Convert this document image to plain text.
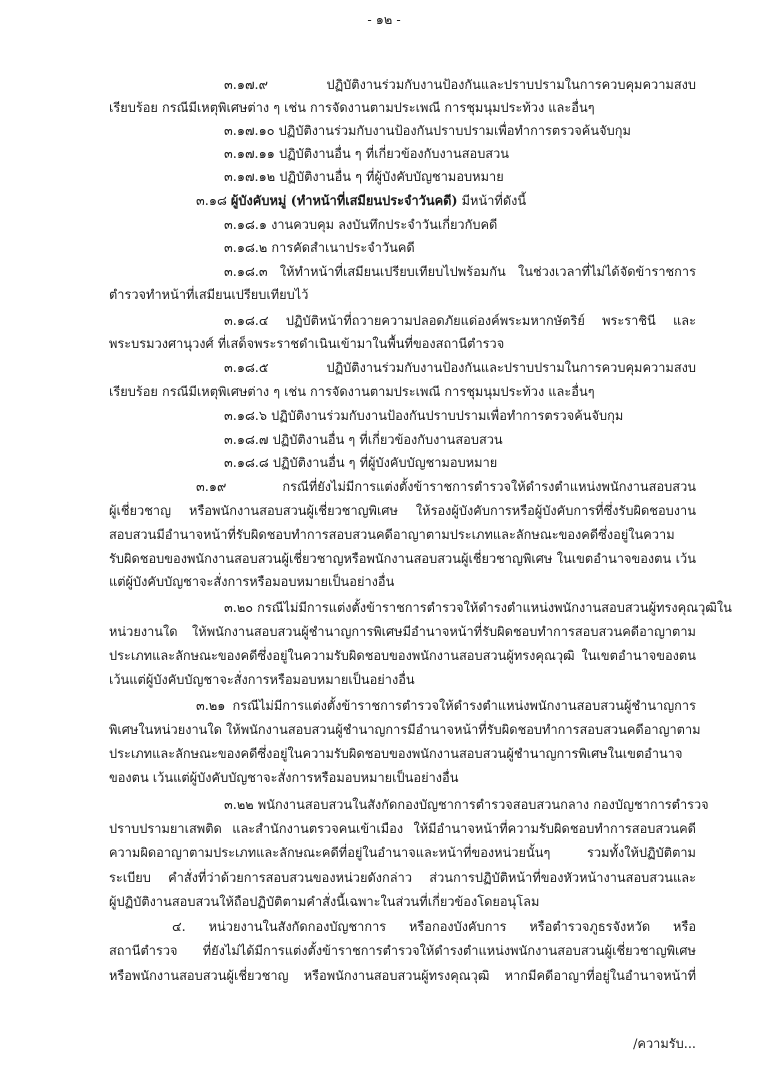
- ๑๒ -
๓.๑๗.๙ ปฏิบัติงานร่วมกับงานป้องกันและปราบปรามในการควบคุมความสงบ
เรียบร้อย กรณีมีเหตุพิเศษต่าง ๆ เช่น การจัดงานตามประเพณี การชุมนุมประท้วง และอื่นๆ
๓.๑๗.๑๐ ปฏิบัติงานร่วมกับงานป้องกันปราบปรามเพื่อทำการตรวจค้นจับกุม
๓.๑๗.๑๑ ปฏิบัติงานอื่น ๆ ที่เกี่ยวข้องกับงานสอบสวน
๓.๑๗.๑๒ ปฏิบัติงานอื่น ๆ ที่ผู้บังคับบัญชามอบหมาย
๓.๑๘ ผู้บังคับหมู่ (ทำหน้าที่เสมียนประจำวันคดี) มีหน้าที่ดังนี้
๓.๑๘.๑ งานควบคุม ลงบันทึกประจำวันเกี่ยวกับคดี
๓.๑๘.๒ การคัดสำเนาประจำวันคดี
๓.๑๘.๓ ให้ทำหน้าที่เสมียนเปรียบเทียบไปพร้อมกัน ในช่วงเวลาที่ไม่ได้จัดข้าราชการ
ตำรวจทำหน้าที่เสมียนเปรียบเทียบไว้
๓.๑๘.๔ ปฏิบัติหน้าที่ถวายความปลอดภัยแด่องค์พระมหากษัตริย์ พระราชินี และ
พระบรมวงศานุวงศ์ ที่เสด็จพระราชดำเนินเข้ามาในพื้นที่ของสถานีตำรวจ
๓.๑๘.๕ ปฏิบัติงานร่วมกับงานป้องกันและปราบปรามในการควบคุมความสงบ
เรียบร้อย กรณีมีเหตุพิเศษต่าง ๆ เช่น การจัดงานตามประเพณี การชุมนุมประท้วง และอื่นๆ
๓.๑๘.๖ ปฏิบัติงานร่วมกับงานป้องกันปราบปรามเพื่อทำการตรวจค้นจับกุม
๓.๑๘.๗ ปฏิบัติงานอื่น ๆ ที่เกี่ยวข้องกับงานสอบสวน
๓.๑๘.๘ ปฏิบัติงานอื่น ๆ ที่ผู้บังคับบัญชามอบหมาย
๓.๑๙ กรณีที่ยังไม่มีการแต่งตั้งข้าราชการตำรวจให้ดำรงตำแหน่งพนักงานสอบสวน
ผู้เชี่ยวชาญ หรือพนักงานสอบสวนผู้เชี่ยวชาญพิเศษ ให้รองผู้บังคับการหรือผู้บังคับการที่ซึ่งรับผิดชอบงาน
สอบสวนมีอำนาจหน้าที่รับผิดชอบทำการสอบสวนคดีอาญาตามประเภทและลักษณะของคดีซึ่งอยู่ในความ
รับผิดชอบของพนักงานสอบสวนผู้เชี่ยวชาญหรือพนักงานสอบสวนผู้เชี่ยวชาญพิเศษ ในเขตอำนาจของตน เว้น
แต่ผู้บังคับบัญชาจะสั่งการหรือมอบหมายเป็นอย่างอื่น
๓.๒๐ กรณีไม่มีการแต่งตั้งข้าราชการตำรวจให้ดำรงตำแหน่งพนักงานสอบสวนผู้ทรงคุณวุฒิใน
หน่วยงานใด ให้พนักงานสอบสวนผู้ชำนาญการพิเศษมีอำนาจหน้าที่รับผิดชอบทำการสอบสวนคดีอาญาตาม
ประเภทและลักษณะของคดีซึ่งอยู่ในความรับผิดชอบของพนักงานสอบสวนผู้ทรงคุณวุฒิ ในเขตอำนาจของตน
เว้นแต่ผู้บังคับบัญชาจะสั่งการหรือมอบหมายเป็นอย่างอื่น
๓.๒๑ กรณีไม่มีการแต่งตั้งข้าราชการตำรวจให้ดำรงตำแหน่งพนักงานสอบสวนผู้ชำนาญการ
พิเศษในหน่วยงานใด ให้พนักงานสอบสวนผู้ชำนาญการมีอำนาจหน้าที่รับผิดชอบทำการสอบสวนคดีอาญาตาม
ประเภทและลักษณะของคดีซึ่งอยู่ในความรับผิดชอบของพนักงานสอบสวนผู้ชำนาญการพิเศษในเขตอำนาจ
ของตน เว้นแต่ผู้บังคับบัญชาจะสั่งการหรือมอบหมายเป็นอย่างอื่น
๓.๒๒ พนักงานสอบสวนในสังกัดกองบัญชาการตำรวจสอบสวนกลาง กองบัญชาการตำรวจ
ปราบปรามยาเสพติด และสำนักงานตรวจคนเข้าเมือง ให้มีอำนาจหน้าที่ความรับผิดชอบทำการสอบสวนคดี
ความผิดอาญาตามประเภทและลักษณะคดีที่อยู่ในอำนาจและหน้าที่ของหน่วยนั้นๆ รวมทั้งให้ปฏิบัติตาม
ระเบียบ คำสั่งที่ว่าด้วยการสอบสวนของหน่วยดังกล่าว ส่วนการปฏิบัติหน้าที่ของหัวหน้างานสอบสวนและ
ผู้ปฏิบัติงานสอบสวนให้ถือปฏิบัติตามคำสั่งนี้เฉพาะในส่วนที่เกี่ยวข้องโดยอนุโลม
๔. หน่วยงานในสังกัดกองบัญชาการ หรือกองบังคับการ หรือตำรวจภูธรจังหวัด หรือ
สถานีตำรวจ ที่ยังไม่ได้มีการแต่งตั้งข้าราชการตำรวจให้ดำรงตำแหน่งพนักงานสอบสวนผู้เชี่ยวชาญพิเศษ
หรือพนักงานสอบสวนผู้เชี่ยวชาญ หรือพนักงานสอบสวนผู้ทรงคุณวุฒิ หากมีคดีอาญาที่อยู่ในอำนาจหน้าที่
/ความรับ...
